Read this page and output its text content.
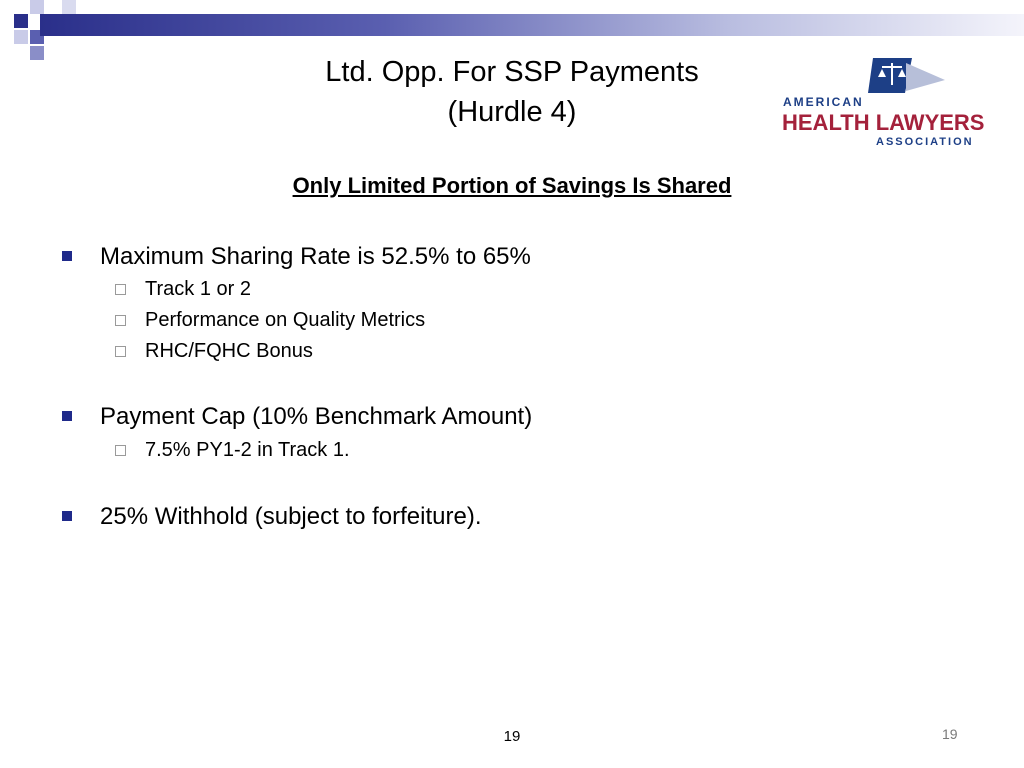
Ltd. Opp. For SSP Payments
(Hurdle 4)	AMERICAN
HEALTH LAWYERS
ASSOCIATION
Only Limited Portion of Savings Is Shared
Maximum Sharing Rate is 52.5% to 65%
Track 1 or 2
Performance on Quality Metrics
RHC/FQHC Bonus
Payment Cap (10% Benchmark Amount)
7.5% PY1-2 in Track 1.
25% Withhold (subject to forfeiture).
19	19
